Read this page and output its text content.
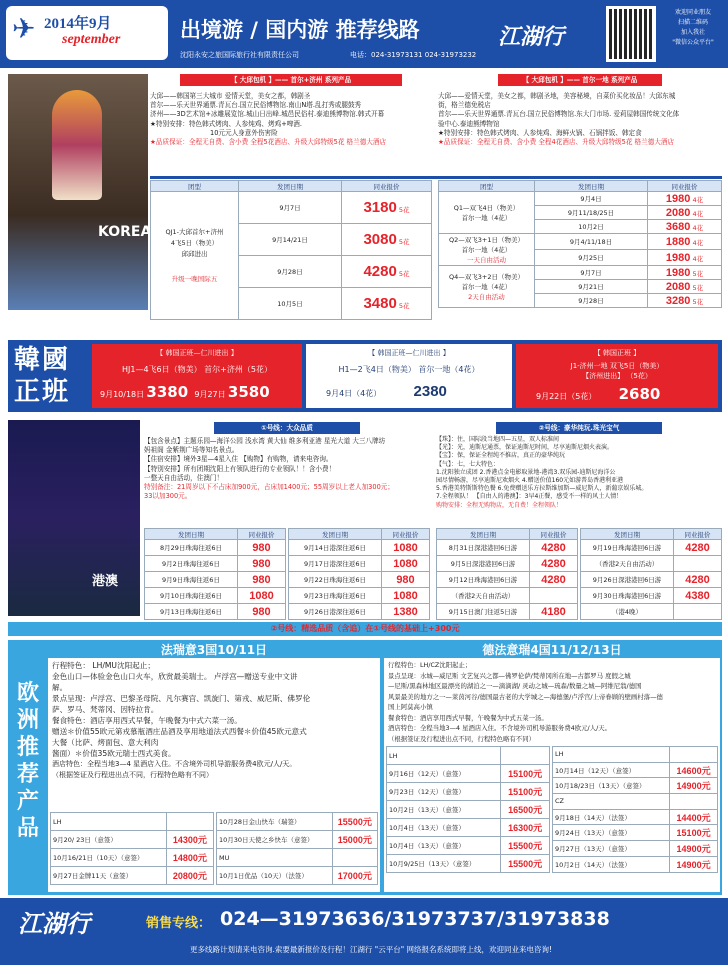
✈ 2014年9月
september	出境游 / 国内游 推荐线路
沈阳永安之旅国际旅行社有限责任公司	电话：024-31973131 024-31973232
江湖行
欢迎同业朋友
扫描二维码
加入我社
"微信公众平台"
KOREA
【 大邱包机 】—— 首尔+济州 系列产品
大邱——韩国第三大城市 爱情天堂，美女之都，韩剧圣
首尔——乐天世界通票.青瓦台.国立民俗博物馆.南山N塔.乱打秀或腿鼓秀
济州——3D艺术馆+冰雕展览馆.城山日出峰.城邑民俗村.泰迪熊博物馆.韩式开幕
★特别安排：特色韩式烤肉、人参炖鸡、烤鸡+啤酒.
10元元人身意外伤害险
★品质保证：全程无自费、含小费 全程5花酒店、升级大邱特级5花 格兰德大酒店
【 大邱包机 】—— 首尔一地 系列产品
大邱——爱情天堂，美女之都，韩剧圣地，美容秘境，自菜价买化妆品！大邱东城
街，格兰德免税店
首尔——乐天世界通票.青瓦台.国立民俗博物馆.东大门市场. 爱莉屋韩国传统文化体
验中心.泰迪熊博物馆
★特别安排：特色韩式烤肉、人参炖鸡、海鲜火锅、石锅拌饭、韩定食
★品质保证：全程无自费、含小费 全程4花酒店、升级大邱特级5花 格兰德大酒店
团型	发团日期	同业报价

QJ1-大邱首尔+济州
4飞5日（物美）
邱邱进出
升级一晚国际五	9月7日	3180 5花
	9月14/21日	3080 5花
	9月28日	4280 5花
	10月5日	3480 5花
团型	发团日期	同业报价

Q1—双飞4日（物美）
首尔一地（4花）	9月4日	1980 4花
	9月11/18/25日	2080 4花
	10月2日	3680 4花

Q2—双飞3+1日（物美）
首尔一地（4花）
一天自由活动	9月4/11/18日	1880 4花
	9月25日	1980 4花

Q4—双飞3+2日（物美）
首尔一地（4花）
2天自由活动	9月7日	1980 5花
	9月21日	2080 5花
	9月28日	3280 5花
韓國正班
【 韩国正班—仁川进出 】
HJ1—4飞6日（物美） 首尔+济州（5花）
9月10/18日 3380 9月27日 3580
【 韩国正班—仁川进出 】
H1—2飞4日（物美） 首尔一地（4花）
9月4日（4花） 2380
【 韩国正班 】
J1-济州一地 双飞5日（物美）
【济州进出】 （5花）
9月22日（5花） 2680
港澳
①号线：大众品质
【包含景点】主题乐园—海洋公园 浅水湾 黄大仙 维多利亚港 星光大道 大三八牌坊
妈祖阁 金紫荆广场等知名景点。
【住宿安排】境外3星—4星入住 【购物】有购物，请来电咨询。
【特别安排】所有团期沈阳上有领队进行的专业领队！！含小费！
一整天自由活动，住澳门！
特别备注：21周岁以下不占床加900元，占床加1400元；55周岁以上老人加300元；
33以加300元。
②号线：豪华纯玩.珠光宝气
【珠】：住，国际段当地四—五星，双人标准间
【光】：光，迪斯尼通票，保证迪斯尼时间，尽享迪斯尼烟火表演。
【宝】：保，保证全程纯不推店，真正的豪华纯玩
【气】：七，七大特色：
1.沈阳独立成团 2.香港点金电影取景地-港湾3.双乐园-迪斯尼海洋公
园尽情畅游，尽享迪斯尼欢烟火 4.赠送价值160元如游普岛香港利亚港
5.香港美特斯斯特色餐 6.免费赠送乐方拉斯维加斯—威尼斯人，新葡京娱乐城。
7.全程领队！ 【自由人的港澳】：3早4正餐，感受不一样的风土人情！
购物安排：全程无购物店，无自费！全程领队！
发团日期	同业报价
8月29日珠海往返6日	980
9月2日珠海往返6日	980
9月9日珠海往返6日	980
9月10日珠海往返6日	1080
9月13日珠海往返6日	980
发团日期	同业报价
9月14日港深往返6日	1080
9月17日港深往返6日	1080
9月22日珠海往返6日	980
9月23日珠海往返6日	1080
9月26日港深往返6日	1380
发团日期	同业报价
8月31日深港港回6日游	4280
9月5日深港港回6日游	4280
9月12日珠海港回6日游	4280
（香港2天自由活动）	
9月15日澳门往返5日游	4180
发团日期	同业报价
9月19日珠海港回6日游	4280
（香港2天自由活动）	
9月26日深港港回6日游	4280
9月30日珠海港回6日游	4380
（港4晚）	
②号线：精选品质（含追）在①号线的基础上+300元
欧洲推荐产品
法瑞意3国10/11日
行程特色： LH/MU沈阳起止；
金色山口—体验金色山口火车，欣赏最美瑞士。 卢浮宫—赠送专业中文讲
解。
景点呈现：卢浮宫、巴黎圣母院、凡尔赛宫、凯旋门、第戎、威尼斯、佛罗伦
萨、罗马、梵蒂冈、因特拉肯。
餐食特色：酒店享用西式早餐，午晚餐为中式六菜一汤。
赠送＊价值55欧元第戎慕瓶酒庄品酒及享用地道法式西餐＊价值45欧元意式
大餐（比萨、烤面包、意大利肉
酱面）＊价值35欧元瑞士西式美食。
酒店特色：全程当地3—4 星酒店入住。不含境外司机导游服务费4欧元/人/天。
（根据签证及行程进出点不同，行程特色略有不同）
LH	
9月20/ 23日（意签）	14300元
10月16/21日（10天）（意签）	14800元
9月27日金牌11天（意签）	20800元
10月28日金山快车（瑞签）	15500元
10月30日天使之乡快车（意签）	15000元
MU	
10月1日优品（10天）（法签）	17000元
德法意瑞4国11/12/13日
行程特色：LH/CZ沈阳起止；
景点呈现：水城—威尼斯 文艺复兴之都—佛罗伦萨/梵蒂冈所在地—古都罗马 度假之城
—尼斯/黑森林地区最漂亮的湖泊之一—滴滴湖/ 灵动之城—琉森/数量之城—阿维尼翁/德国
风景最美的地方之一—莱茵河谷/德国最古老的大学城之—海德堡/卢浮宫/上帝眷顾的壁画村落—德
国上阿莫高小镇
餐食特色：酒店享用西式早餐，午晚餐为中式五菜一汤。
酒店特色：全程当地3—4 星酒店入住。不含境外司机导游服务费4欧元/人/天。
（根据签证及行程进出点不同，行程特色略有不同）
LH	
9月16日（12天）（意签）	15100元
9月23日（12天）（意签）	15100元
10月2日（13天）（意签）	16500元
10月4日（13天）（意签）	16300元
10月4日（13天）（意签）	15500元
10月9/25日（13天）（意签）	15500元
LH	
10月14日（12天）（意签）	14600元
10月18/23日（13天）（意签）	14900元
CZ	
9月18日（14天）（法签）	14400元
9月24日（13天）（意签）	15100元
9月27日（13天）（意签）	14900元
10月2日（14天）（法签）	14900元
江湖行	销售专线： 024—31973636/31973737/31973838
更多线路计划请来电咨询.索要最新报价及行程！江湖行 "云平台" 网络报名系统即将上线，欢迎同业来电咨询!
